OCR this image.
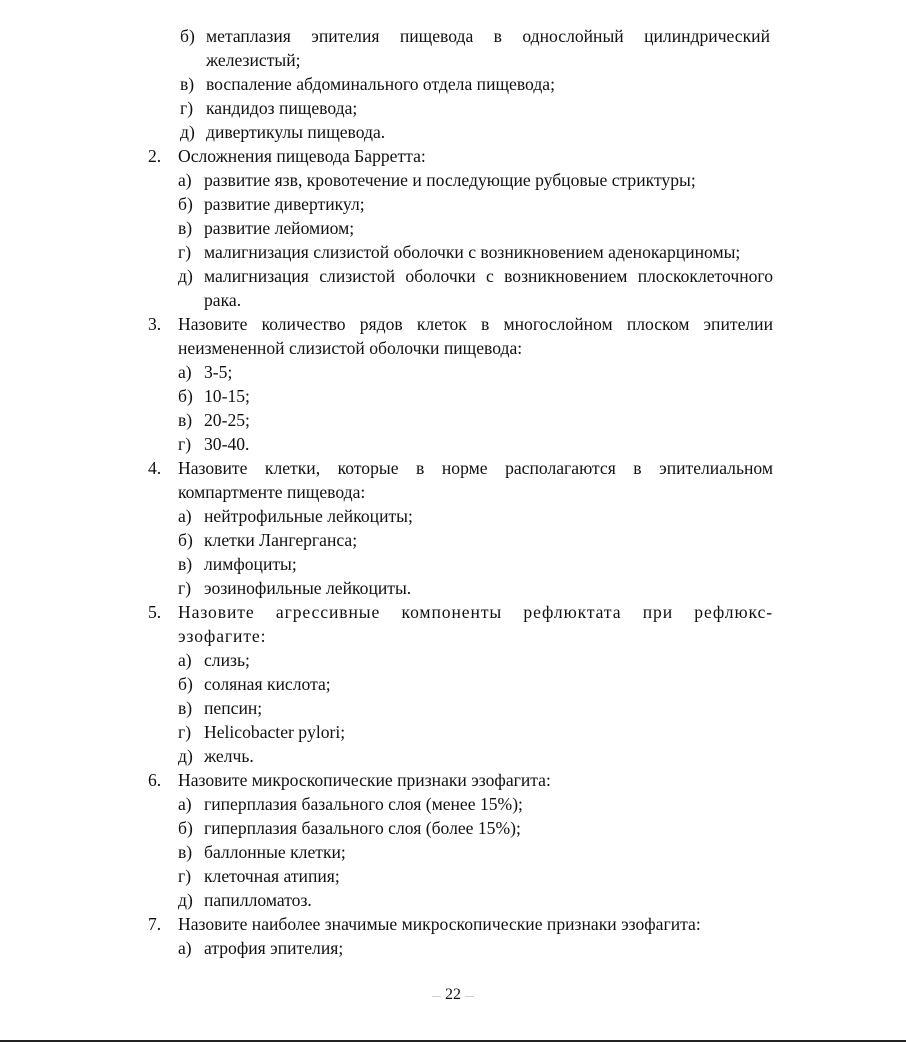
б) метаплазия эпителия пищевода в однослойный цилиндрический железистый;
в) воспаление абдоминального отдела пищевода;
г) кандидоз пищевода;
д) дивертикулы пищевода.
2. Осложнения пищевода Барретта:
а) развитие язв, кровотечение и последующие рубцовые стриктуры;
б) развитие дивертикул;
в) развитие лейомиом;
г) малигнизация слизистой оболочки с возникновением аденокарциномы;
д) малигнизация слизистой оболочки с возникновением плоскоклеточного рака.
3. Назовите количество рядов клеток в многослойном плоском эпителии неизмененной слизистой оболочки пищевода:
а) 3-5;
б) 10-15;
в) 20-25;
г) 30-40.
4. Назовите клетки, которые в норме располагаются в эпителиальном компартменте пищевода:
а) нейтрофильные лейкоциты;
б) клетки Лангерганса;
в) лимфоциты;
г) эозинофильные лейкоциты.
5. Назовите агрессивные компоненты рефлюктата при рефлюкс-эзофагите:
а) слизь;
б) соляная кислота;
в) пепсин;
г) Helicobacter pylori;
д) желчь.
6. Назовите микроскопические признаки эзофагита:
а) гиперплазия базального слоя (менее 15%);
б) гиперплазия базального слоя (более 15%);
в) баллонные клетки;
г) клеточная атипия;
д) папилломатоз.
7. Назовите наиболее значимые микроскопические признаки эзофагита:
а) атрофия эпителия;
— 22 —
